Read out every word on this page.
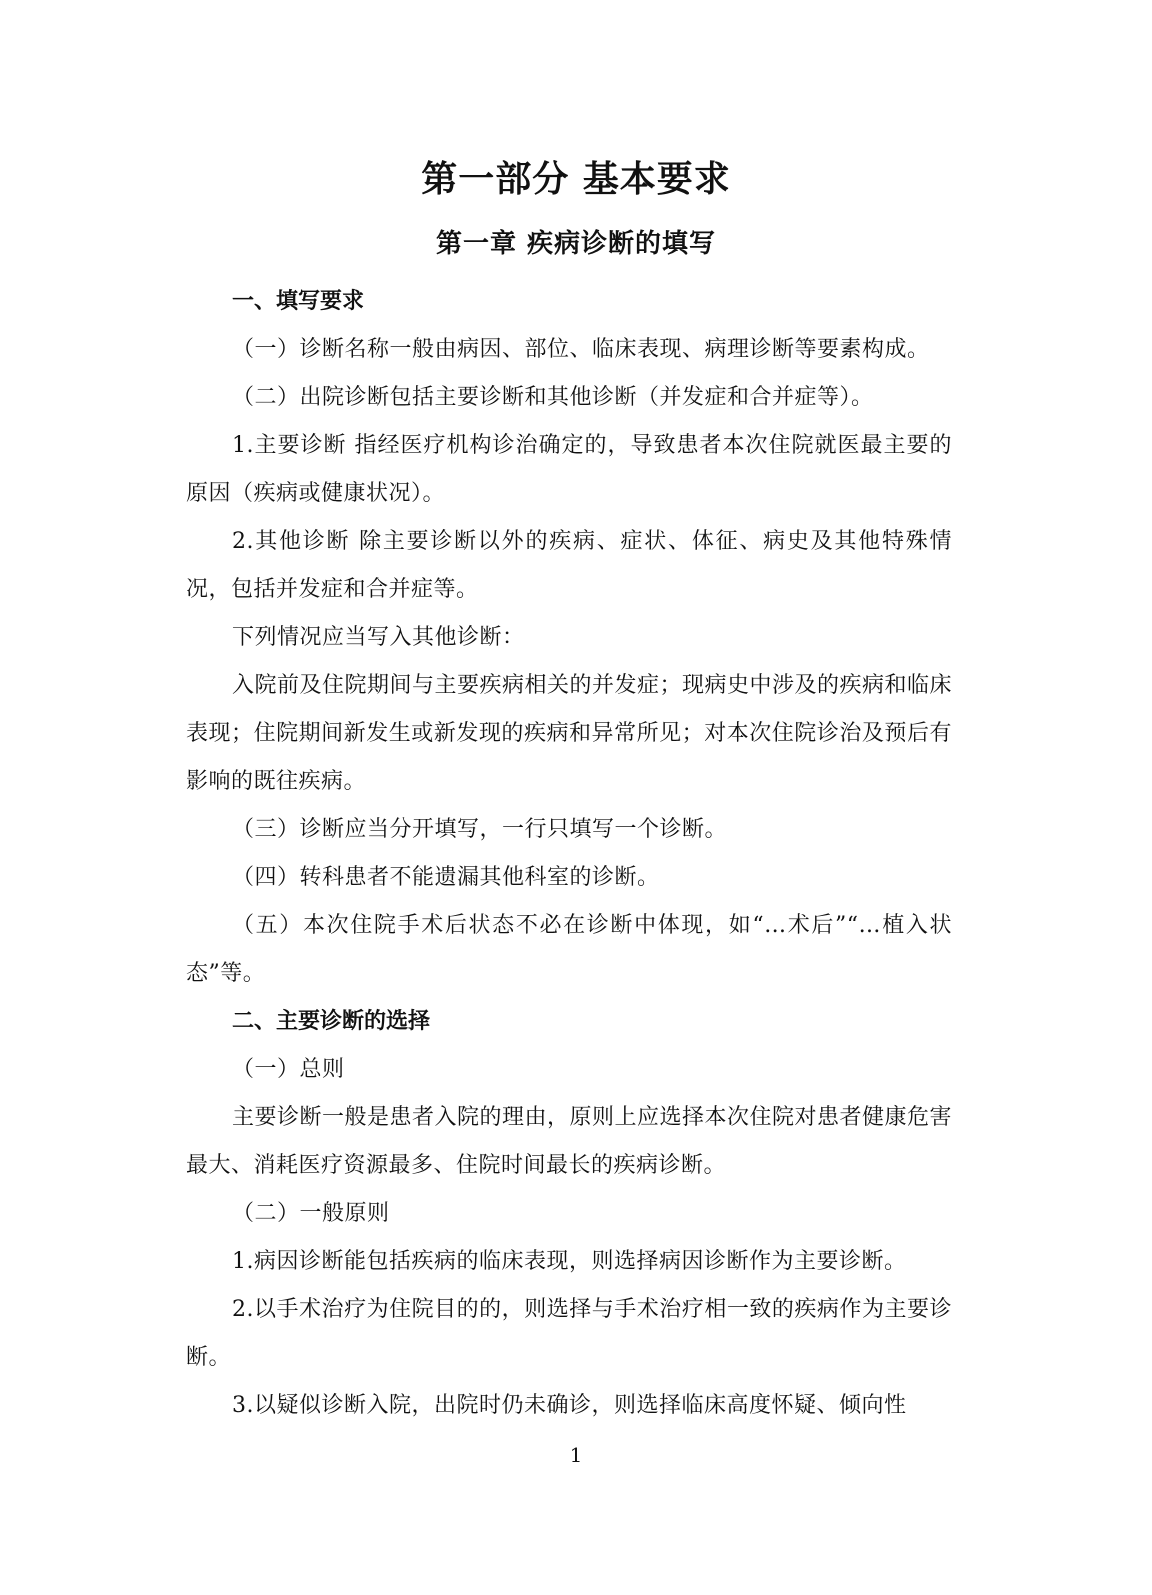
第一部分 基本要求
第一章 疾病诊断的填写

一、填写要求

（一）诊断名称一般由病因、部位、临床表现、病理诊断等要素构成。

（二）出院诊断包括主要诊断和其他诊断（并发症和合并症等）。

1.主要诊断 指经医疗机构诊治确定的，导致患者本次住院就医最主要的原因（疾病或健康状况）。

2.其他诊断 除主要诊断以外的疾病、症状、体征、病史及其他特殊情况，包括并发症和合并症等。

下列情况应当写入其他诊断：

入院前及住院期间与主要疾病相关的并发症；现病史中涉及的疾病和临床表现；住院期间新发生或新发现的疾病和异常所见；对本次住院诊治及预后有影响的既往疾病。

（三）诊断应当分开填写，一行只填写一个诊断。

（四）转科患者不能遗漏其他科室的诊断。

（五）本次住院手术后状态不必在诊断中体现，如“…术后”“…植入状态”等。

二、主要诊断的选择

（一）总则

主要诊断一般是患者入院的理由，原则上应选择本次住院对患者健康危害最大、消耗医疗资源最多、住院时间最长的疾病诊断。

（二）一般原则

1.病因诊断能包括疾病的临床表现，则选择病因诊断作为主要诊断。

2.以手术治疗为住院目的的，则选择与手术治疗相一致的疾病作为主要诊断。

3.以疑似诊断入院，出院时仍未确诊，则选择临床高度怀疑、倾向性

1
